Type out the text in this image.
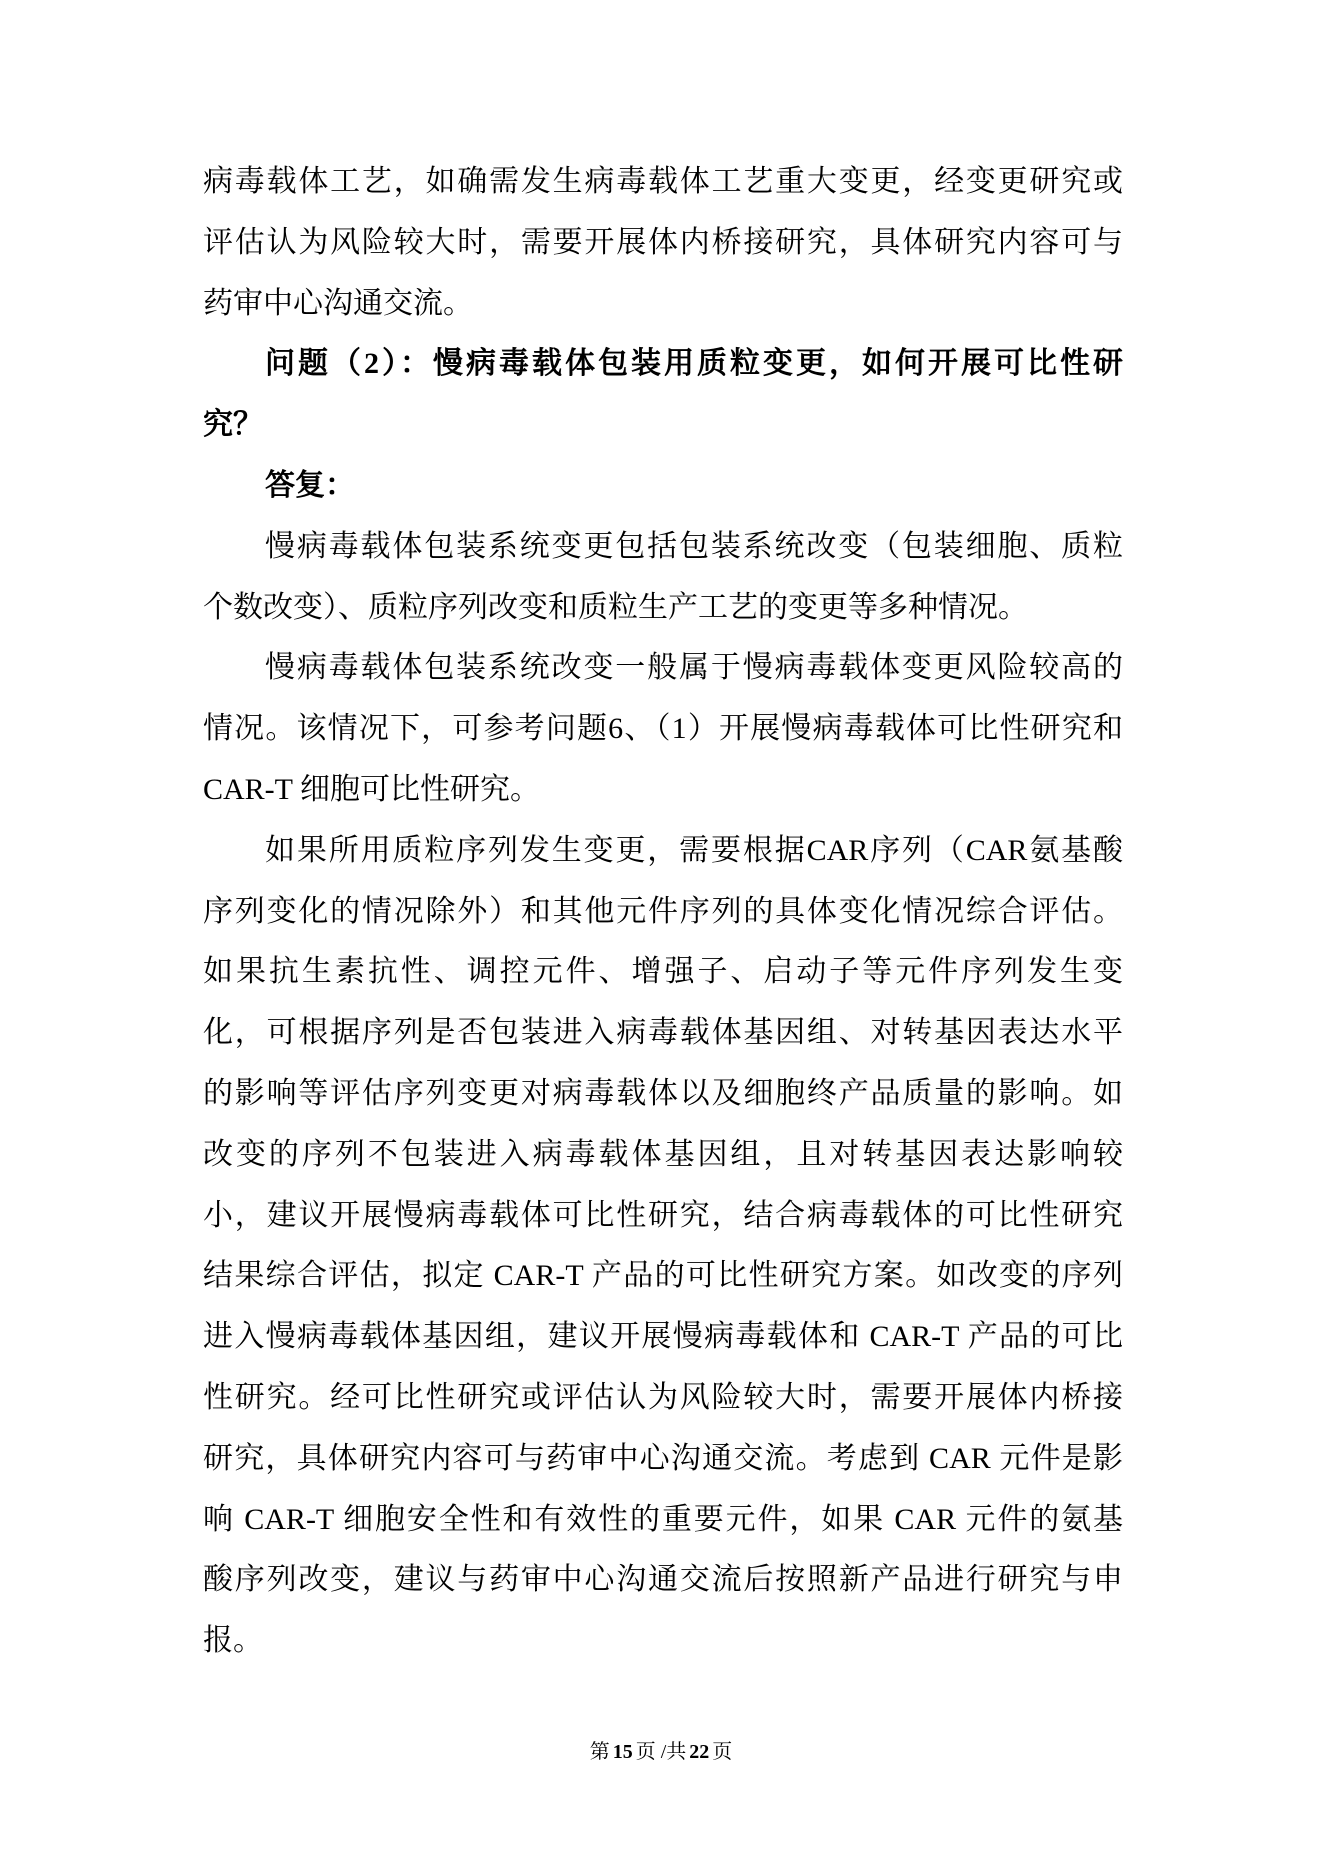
病毒载体工艺，如确需发生病毒载体工艺重大变更，经变更研究或
评估认为风险较大时，需要开展体内桥接研究，具体研究内容可与
药审中心沟通交流。
问题（2）：慢病毒载体包装用质粒变更，如何开展可比性研
究？
答复：
慢病毒载体包装系统变更包括包装系统改变（包装细胞、质粒
个数改变）、质粒序列改变和质粒生产工艺的变更等多种情况。
慢病毒载体包装系统改变一般属于慢病毒载体变更风险较高的
情况。该情况下，可参考问题6、（1）开展慢病毒载体可比性研究和
CAR-T 细胞可比性研究。
如果所用质粒序列发生变更，需要根据CAR序列（CAR氨基酸
序列变化的情况除外）和其他元件序列的具体变化情况综合评估。
如果抗生素抗性、调控元件、增强子、启动子等元件序列发生变
化，可根据序列是否包装进入病毒载体基因组、对转基因表达水平
的影响等评估序列变更对病毒载体以及细胞终产品质量的影响。如
改变的序列不包装进入病毒载体基因组，且对转基因表达影响较
小，建议开展慢病毒载体可比性研究，结合病毒载体的可比性研究
结果综合评估，拟定 CAR-T 产品的可比性研究方案。如改变的序列
进入慢病毒载体基因组，建议开展慢病毒载体和 CAR-T 产品的可比
性研究。经可比性研究或评估认为风险较大时，需要开展体内桥接
研究，具体研究内容可与药审中心沟通交流。考虑到 CAR 元件是影
响 CAR-T 细胞安全性和有效性的重要元件，如果 CAR 元件的氨基
酸序列改变，建议与药审中心沟通交流后按照新产品进行研究与申
报。
第 15 页 /共 22 页
